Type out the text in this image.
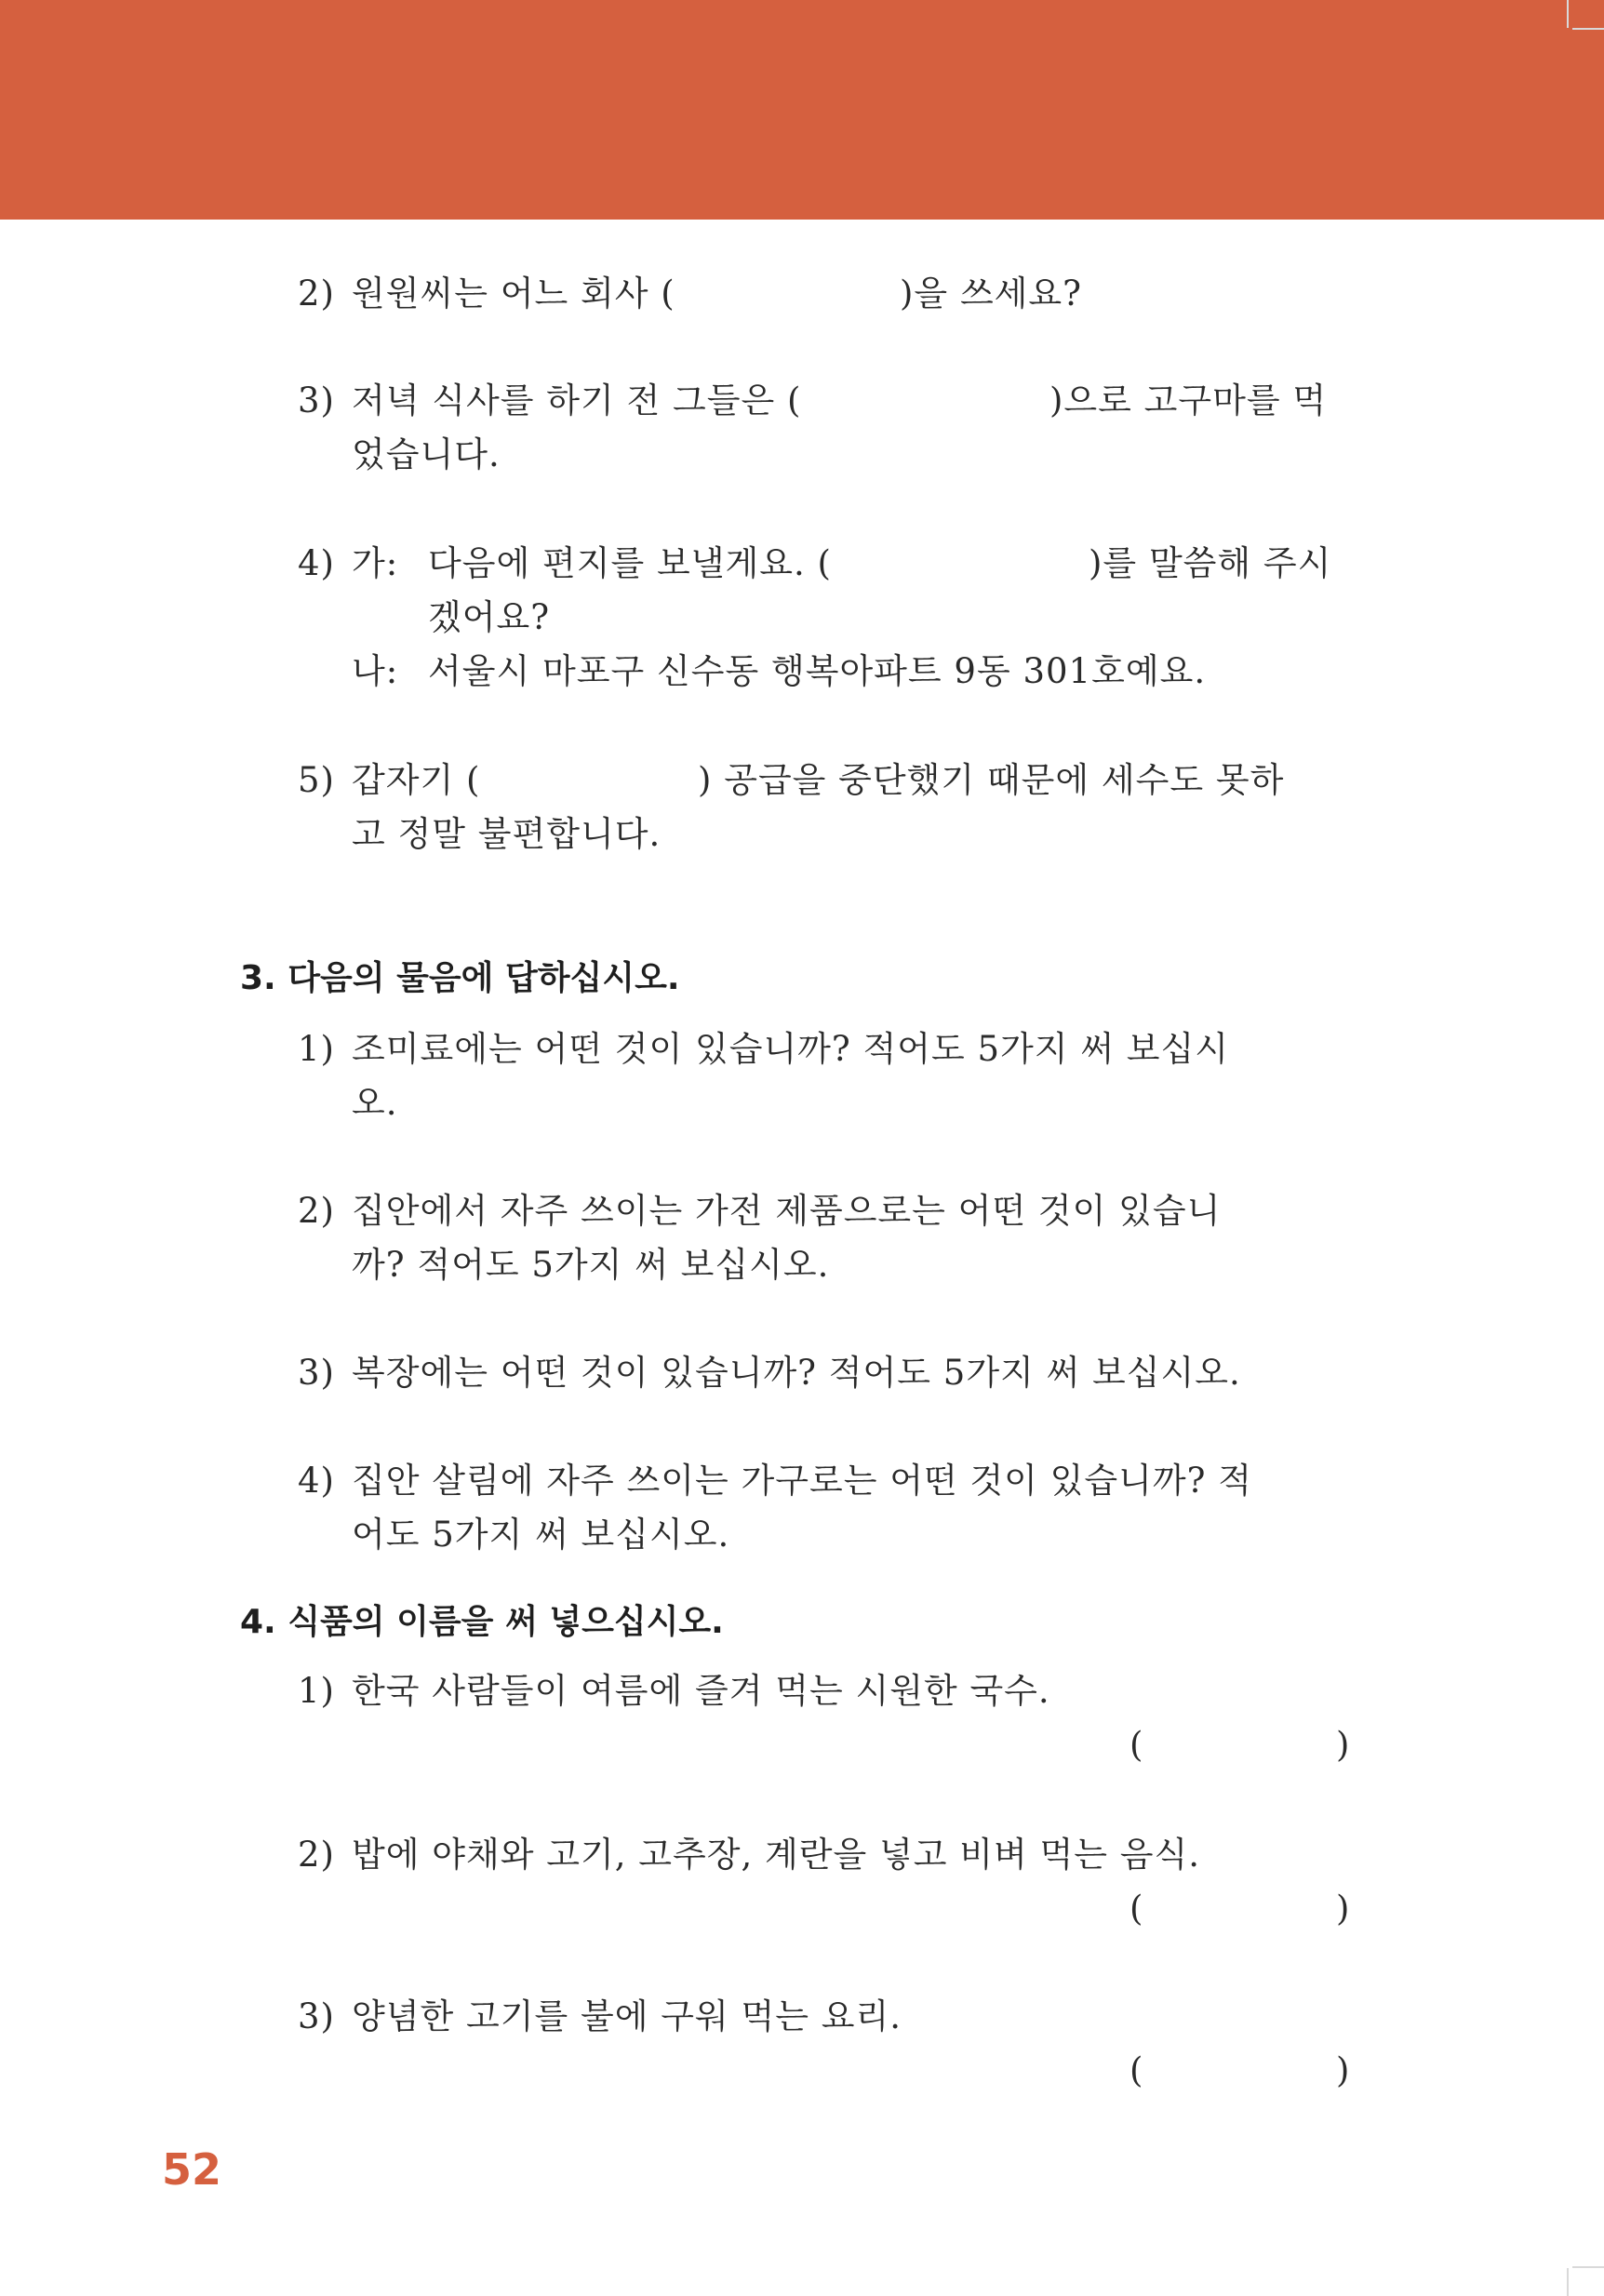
2) 원원씨는 어느 회사 (	)을 쓰세요?
3) 저녁 식사를 하기 전 그들은 (	)으로 고구마를 먹
었습니다.
4) 가: 다음에 편지를 보낼게요. (	)를 말씀해 주시
겠어요?
나: 서울시 마포구 신수동 행복아파트 9동 301호예요.
5) 갑자기 (	) 공급을 중단했기 때문에 세수도 못하
고 정말 불편합니다.
3. 다음의 물음에 답하십시오.
1) 조미료에는 어떤 것이 있습니까? 적어도 5가지 써 보십시
오.
2) 집안에서 자주 쓰이는 가전 제품으로는 어떤 것이 있습니
까? 적어도 5가지 써 보십시오.
3) 복장에는 어떤 것이 있습니까? 적어도 5가지 써 보십시오.
4) 집안 살림에 자주 쓰이는 가구로는 어떤 것이 있습니까? 적
어도 5가지 써 보십시오.
4. 식품의 이름을 써 넣으십시오.
1) 한국 사람들이 여름에 즐겨 먹는 시원한 국수.
(	)
2) 밥에 야채와 고기, 고추장, 계란을 넣고 비벼 먹는 음식.
(	)
3) 양념한 고기를 불에 구워 먹는 요리.
(	)
52
